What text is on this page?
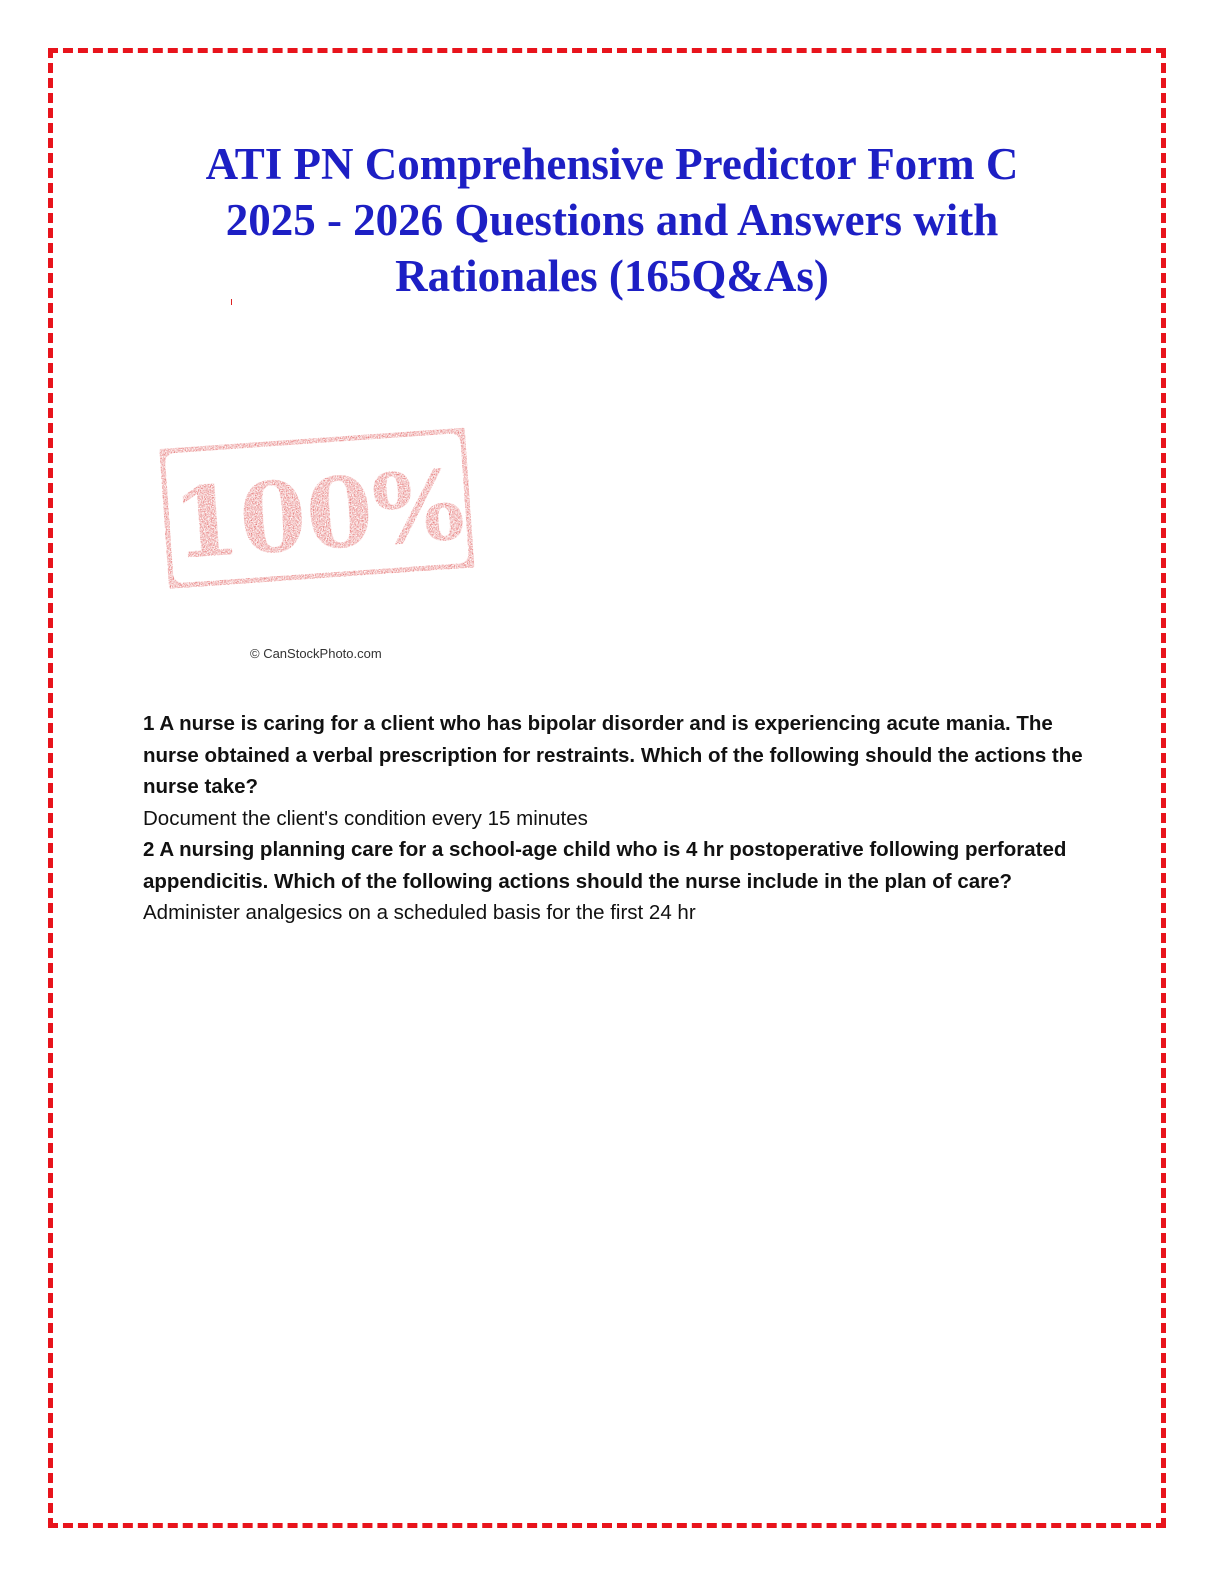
ATI PN Comprehensive Predictor Form C
2025 - 2026 Questions and Answers with
Rationales (165Q&As)
100%
© CanStockPhoto.com

1 A nurse is caring for a client who has bipolar disorder and is experiencing acute mania. The nurse obtained a verbal prescription for restraints. Which of the following should the actions the nurse take?

Document the client's condition every 15 minutes

2 A nursing planning care for a school-age child who is 4 hr postoperative following perforated appendicitis. Which of the following actions should the nurse include in the plan of care?

Administer analgesics on a scheduled basis for the first 24 hr
